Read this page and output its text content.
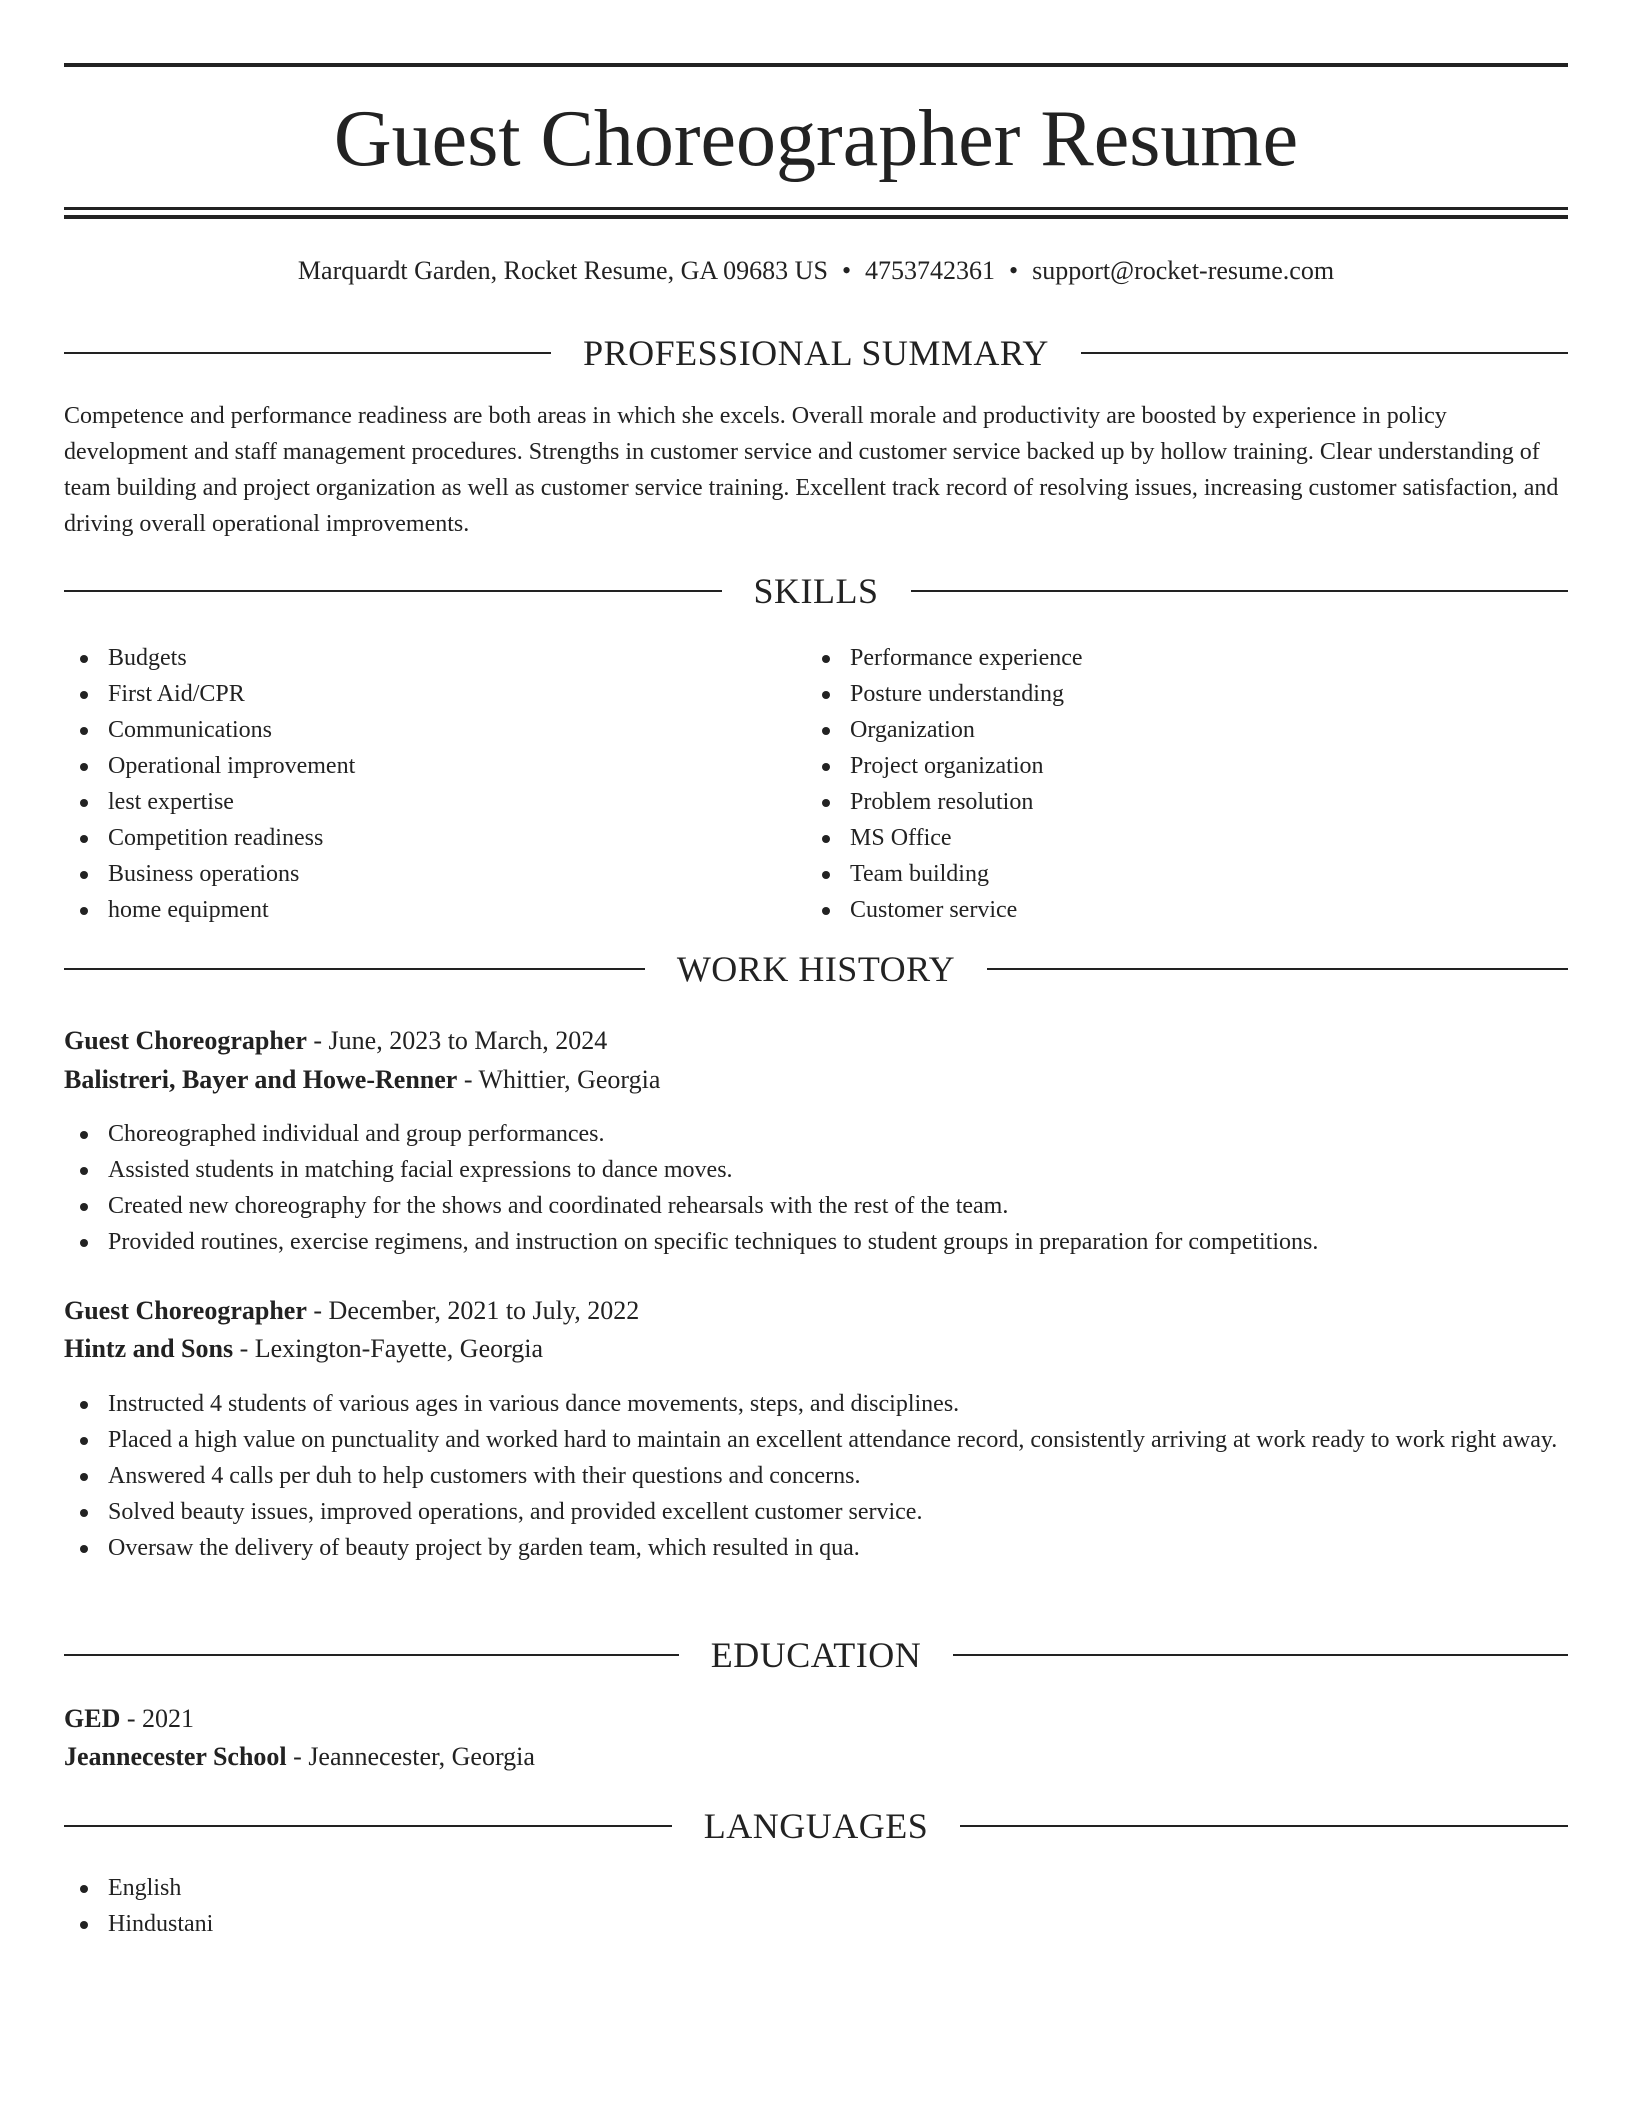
Guest Choreographer Resume
Marquardt Garden, Rocket Resume, GA 09683 US • 4753742361 • support@rocket-resume.com
PROFESSIONAL SUMMARY

Competence and performance readiness are both areas in which she excels. Overall morale and productivity are boosted by experience in policy development and staff management procedures. Strengths in customer service and customer service backed up by hollow training. Clear understanding of team building and project organization as well as customer service training. Excellent track record of resolving issues, increasing customer satisfaction, and driving overall operational improvements.

SKILLS
Budgets
First Aid/CPR
Communications
Operational improvement
lest expertise
Competition readiness
Business operations
home equipment
Performance experience
Posture understanding
Organization
Project organization
Problem resolution
MS Office
Team building
Customer service
WORK HISTORY
Guest Choreographer - June, 2023 to March, 2024
Balistreri, Bayer and Howe-Renner - Whittier, Georgia
Choreographed individual and group performances.
Assisted students in matching facial expressions to dance moves.
Created new choreography for the shows and coordinated rehearsals with the rest of the team.
Provided routines, exercise regimens, and instruction on specific techniques to student groups in preparation for competitions.
Guest Choreographer - December, 2021 to July, 2022
Hintz and Sons - Lexington-Fayette, Georgia
Instructed 4 students of various ages in various dance movements, steps, and disciplines.
Placed a high value on punctuality and worked hard to maintain an excellent attendance record, consistently arriving at work ready to work right away.
Answered 4 calls per duh to help customers with their questions and concerns.
Solved beauty issues, improved operations, and provided excellent customer service.
Oversaw the delivery of beauty project by garden team, which resulted in qua.
EDUCATION
GED - 2021
Jeannecester School - Jeannecester, Georgia
LANGUAGES
English
Hindustani
